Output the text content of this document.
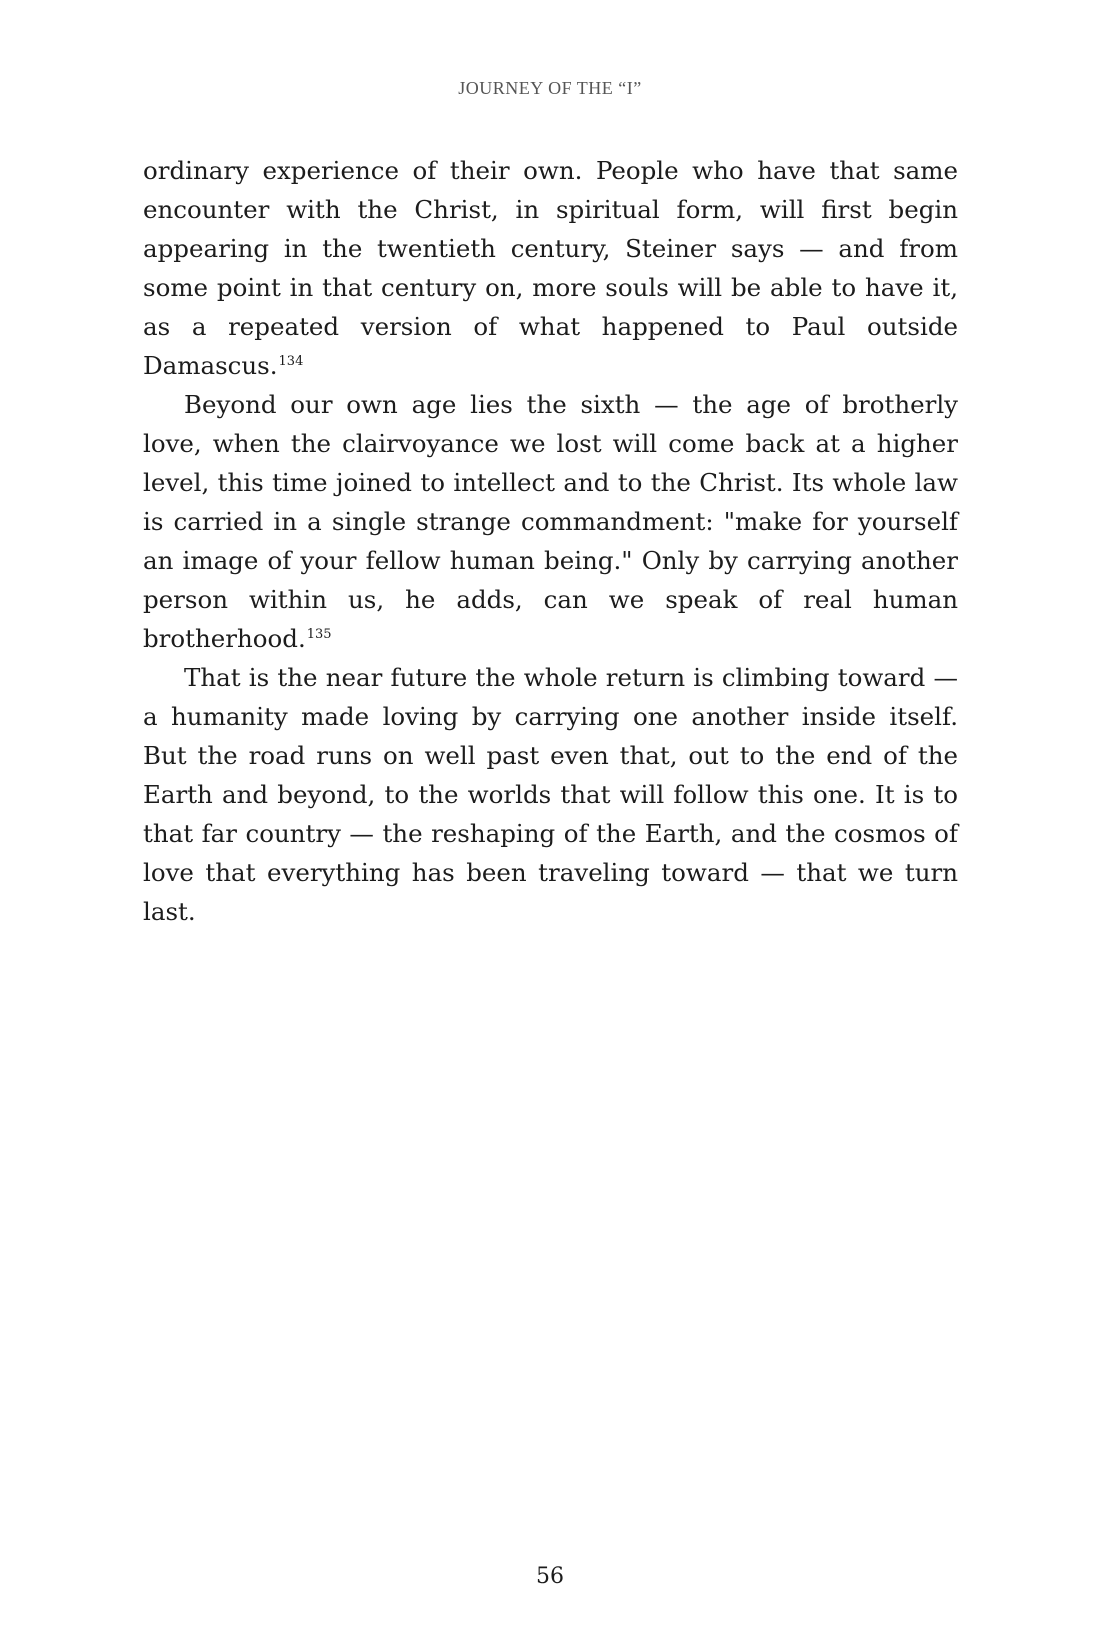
JOURNEY OF THE “I”

ordinary experience of their own. People who have that same encounter with the Christ, in spiritual form, will first begin appearing in the twentieth century, Steiner says — and from some point in that century on, more souls will be able to have it, as a repeated version of what happened to Paul outside Damascus.$^{134}$

Beyond our own age lies the sixth — the age of brotherly love, when the clairvoyance we lost will come back at a higher level, this time joined to intellect and to the Christ. Its whole law is carried in a single strange commandment: "make for yourself an image of your fellow human being." Only by carrying another person within us, he adds, can we speak of real human brotherhood.$^{135}$

That is the near future the whole return is climbing toward — a humanity made loving by carrying one another inside itself. But the road runs on well past even that, out to the end of the Earth and beyond, to the worlds that will follow this one. It is to that far country — the reshaping of the Earth, and the cosmos of love that everything has been traveling toward — that we turn last.

56
